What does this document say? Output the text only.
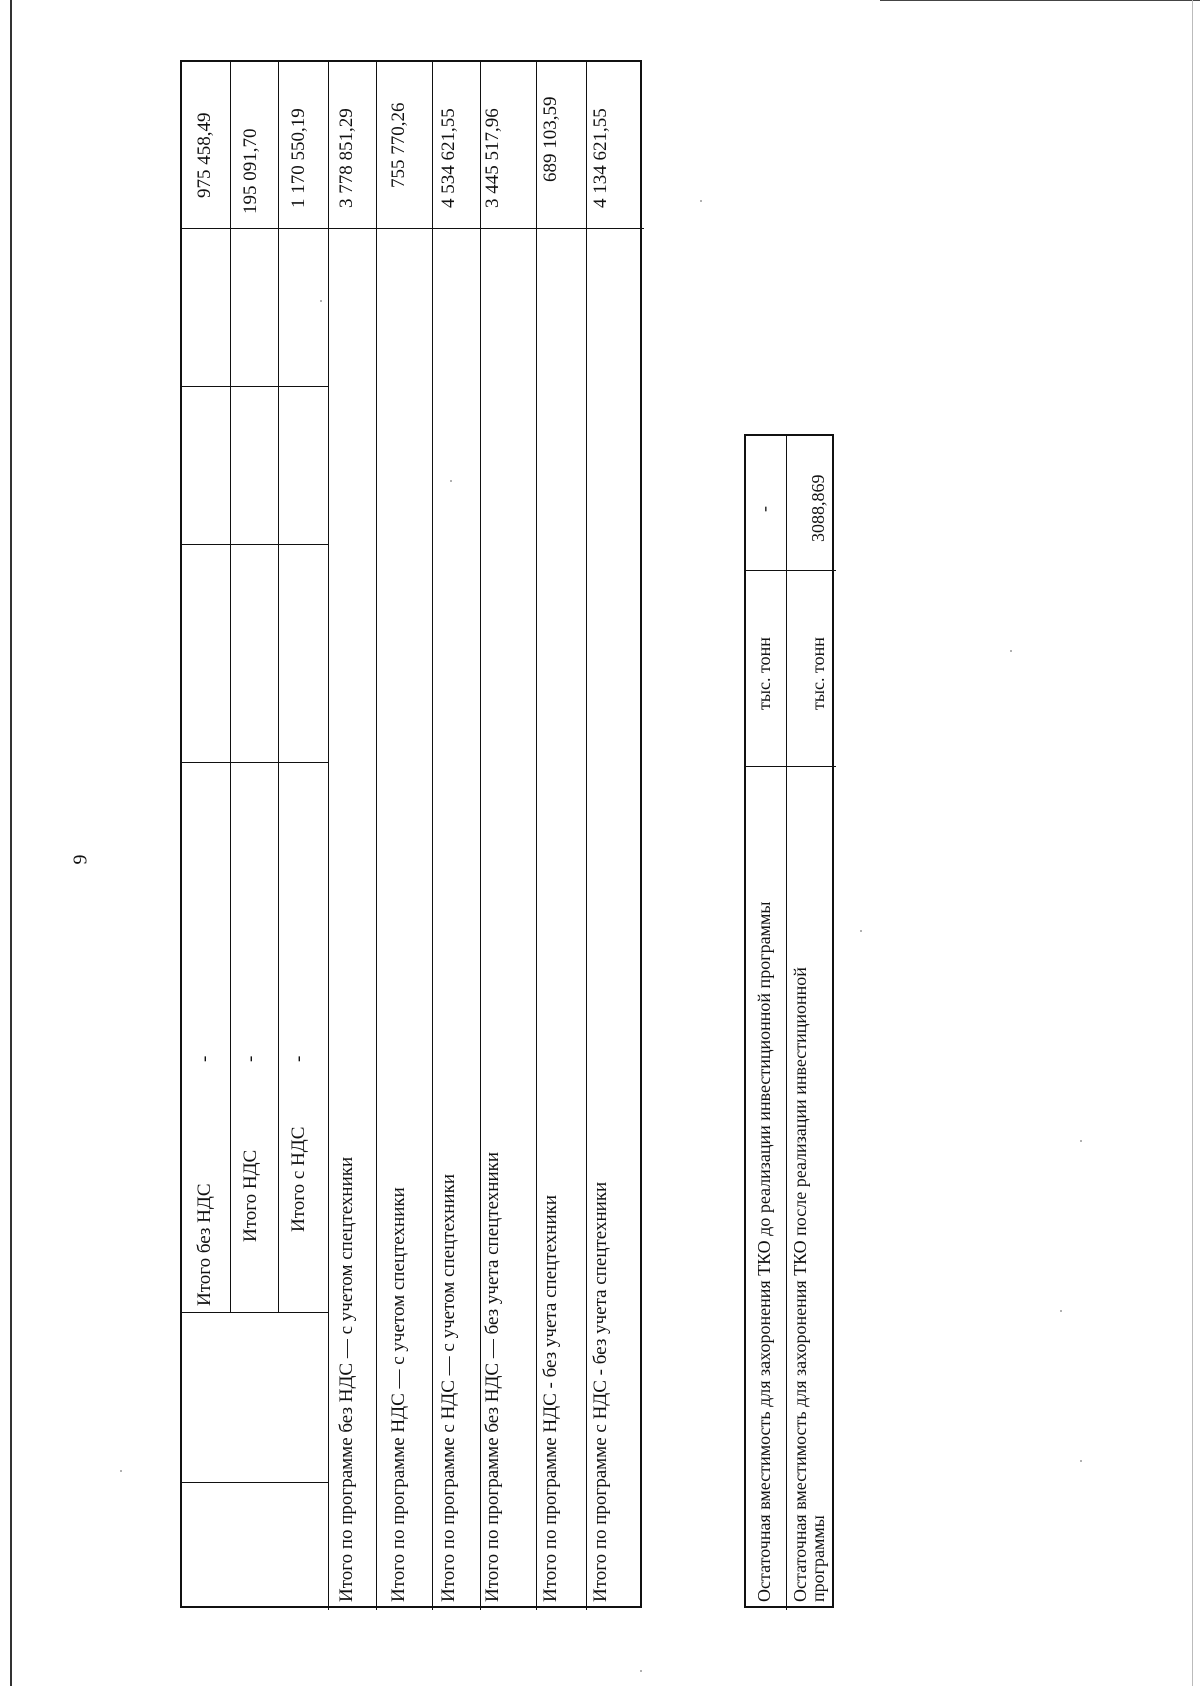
9
Итого без НДС
-
975 458,49
Итого НДС
-
195 091,70
Итого с НДС
-
1 170 550,19
Итого по программе без НДС — с учетом спецтехники
3 778 851,29
Итого по программе НДС — с учетом спецтехники
755 770,26
Итого по программе с НДС — с учетом спецтехники
4 534 621,55
Итого по программе без НДС — без учета спецтехники
3 445 517,96
Итого по программе НДС - без учета спецтехники
689 103,59
Итого по программе с НДС - без учета спецтехники
4 134 621,55
Остаточная вместимость для захоронения ТКО до реализации инвестиционной программы
тыс. тонн
-
Остаточная вместимость для захоронения ТКО после реализации инвестиционной
программы
тыс. тонн
3088,869
